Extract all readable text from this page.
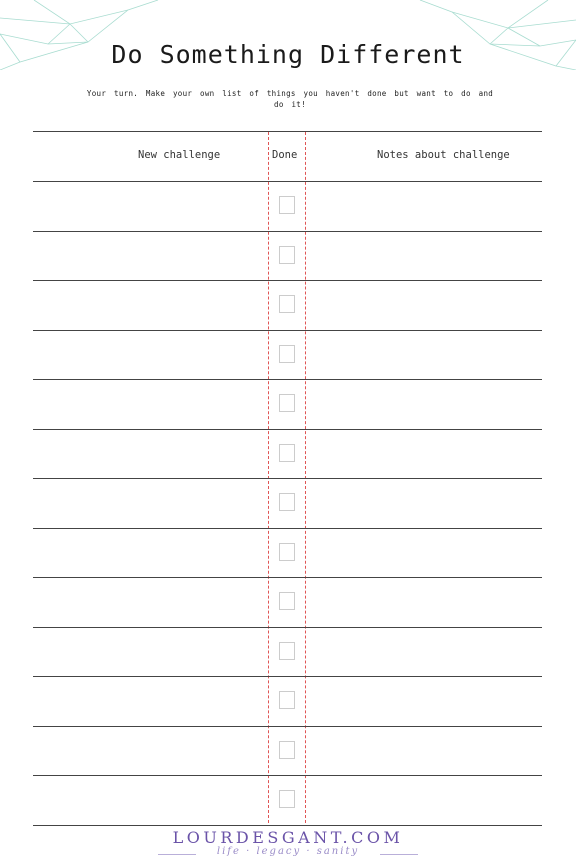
Do Something Different
Your turn. Make your own list of things you haven't done but want to do and do it!
New challenge	Done	Notes about challenge
LOURDESGANT.COM
life · legacy · sanity
